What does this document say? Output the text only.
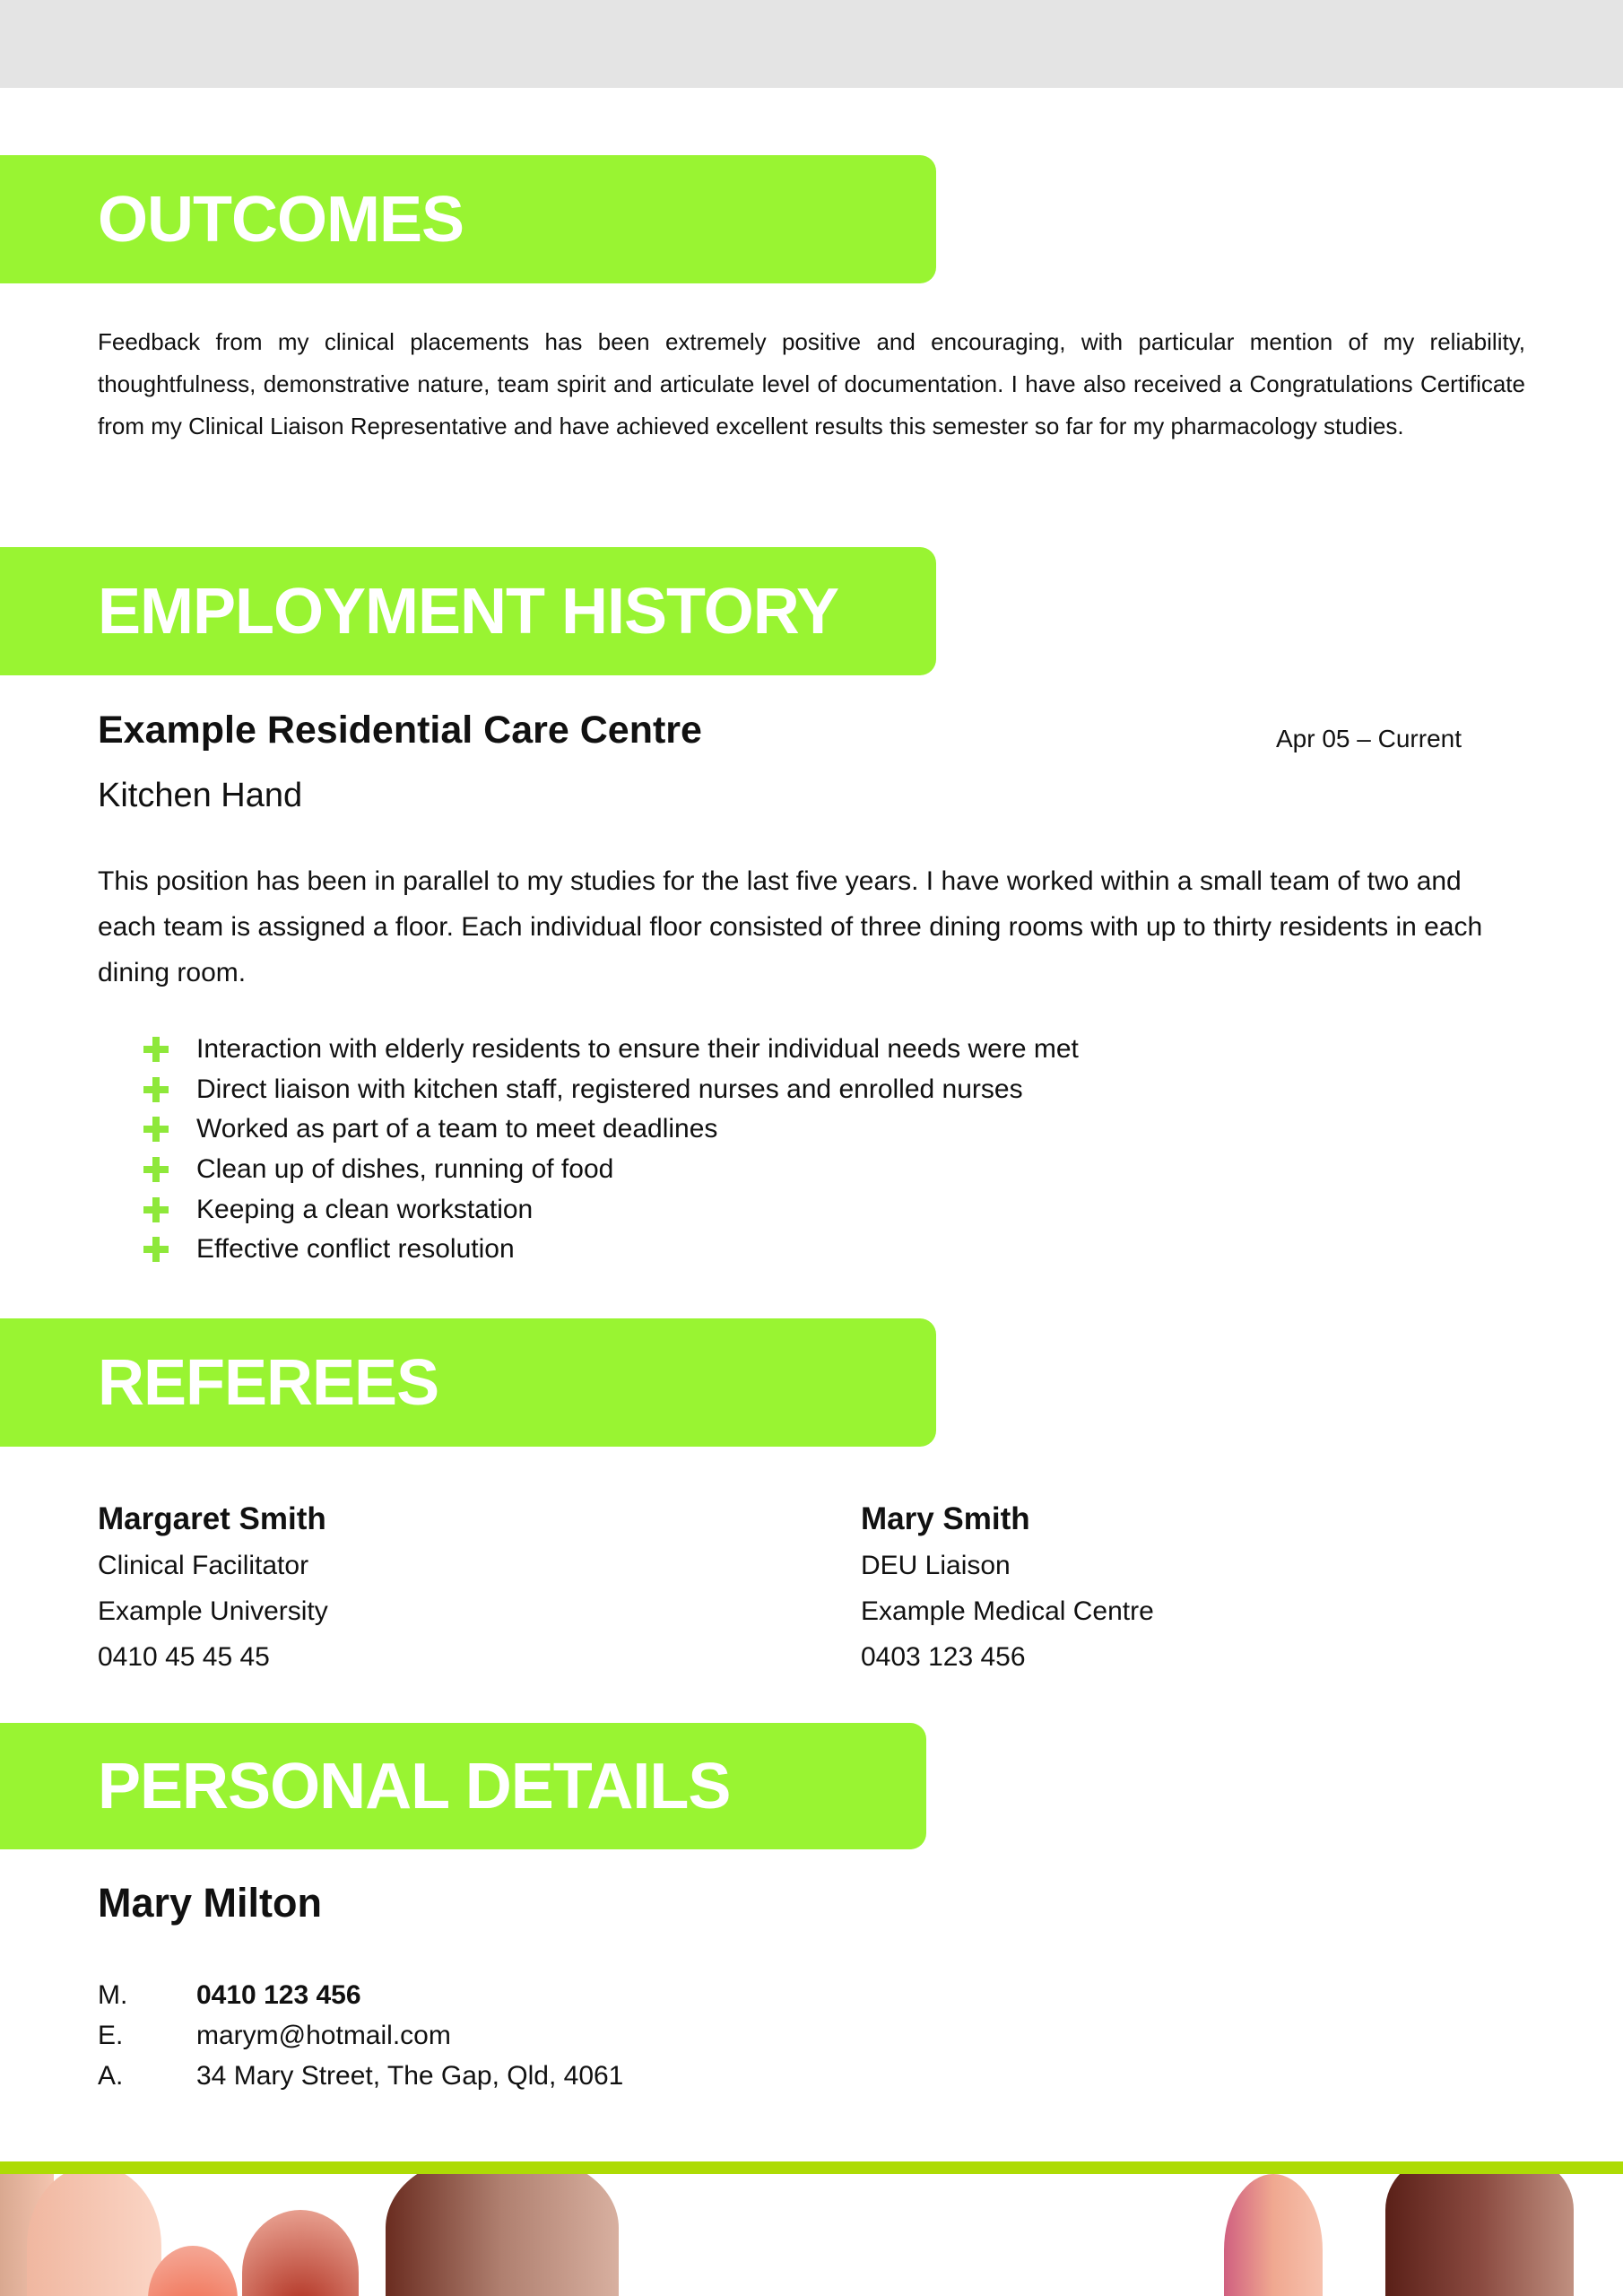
OUTCOMES

Feedback from my clinical placements has been extremely positive and encouraging, with particular mention of my reliability, thoughtfulness, demonstrative nature, team spirit and articulate level of documentation. I have also received a Congratulations Certificate from my Clinical Liaison Representative and have achieved excellent results this semester so far for my pharmacology studies.

EMPLOYMENT HISTORY
Example Residential Care Centre	Apr 05 – Current
Kitchen Hand

This position has been in parallel to my studies for the last five years. I have worked within a small team of two and each team is assigned a floor. Each individual floor consisted of three dining rooms with up to thirty residents in each dining room.

Interaction with elderly residents to ensure their individual needs were met
Direct liaison with kitchen staff, registered nurses and enrolled nurses
Worked as part of a team to meet deadlines
Clean up of dishes, running of food
Keeping a clean workstation
Effective conflict resolution
REFEREES
Margaret Smith
Clinical Facilitator
Example University
0410 45 45 45
Mary Smith
DEU Liaison
Example Medical Centre
0403 123 456
PERSONAL DETAILS
Mary Milton
M.	0410 123 456
E.	marym@hotmail.com
A.	34 Mary Street, The Gap, Qld, 4061
